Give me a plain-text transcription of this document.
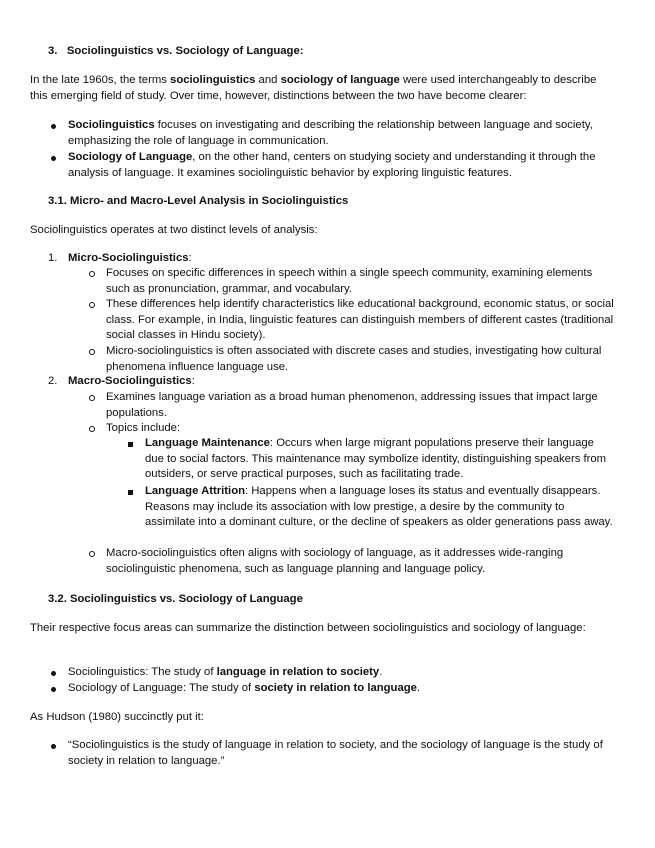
3. Sociolinguistics vs. Sociology of Language:

In the late 1960s, the terms sociolinguistics and sociology of language were used interchangeably to describe this emerging field of study. Over time, however, distinctions between the two have become clearer:

Sociolinguistics focuses on investigating and describing the relationship between language and society, emphasizing the role of language in communication.
Sociology of Language, on the other hand, centers on studying society and understanding it through the analysis of language. It examines sociolinguistic behavior by exploring linguistic features.
3.1. Micro- and Macro-Level Analysis in Sociolinguistics

Sociolinguistics operates at two distinct levels of analysis:

1. Micro-Sociolinguistics:
Focuses on specific differences in speech within a single speech community, examining elements such as pronunciation, grammar, and vocabulary.
These differences help identify characteristics like educational background, economic status, or social class. For example, in India, linguistic features can distinguish members of different castes (traditional social classes in Hindu society).
Micro-sociolinguistics is often associated with discrete cases and studies, investigating how cultural phenomena influence language use.
2. Macro-Sociolinguistics:
Examines language variation as a broad human phenomenon, addressing issues that impact large populations.
Topics include:
Language Maintenance: Occurs when large migrant populations preserve their language due to social factors. This maintenance may symbolize identity, distinguishing speakers from outsiders, or serve practical purposes, such as facilitating trade.
Language Attrition: Happens when a language loses its status and eventually disappears. Reasons may include its association with low prestige, a desire by the community to assimilate into a dominant culture, or the decline of speakers as older generations pass away.
Macro-sociolinguistics often aligns with sociology of language, as it addresses wide-ranging sociolinguistic phenomena, such as language planning and language policy.
3.2. Sociolinguistics vs. Sociology of Language

Their respective focus areas can summarize the distinction between sociolinguistics and sociology of language:

Sociolinguistics: The study of language in relation to society.
Sociology of Language: The study of society in relation to language.

As Hudson (1980) succinctly put it:

“Sociolinguistics is the study of language in relation to society, and the sociology of language is the study of society in relation to language.”
